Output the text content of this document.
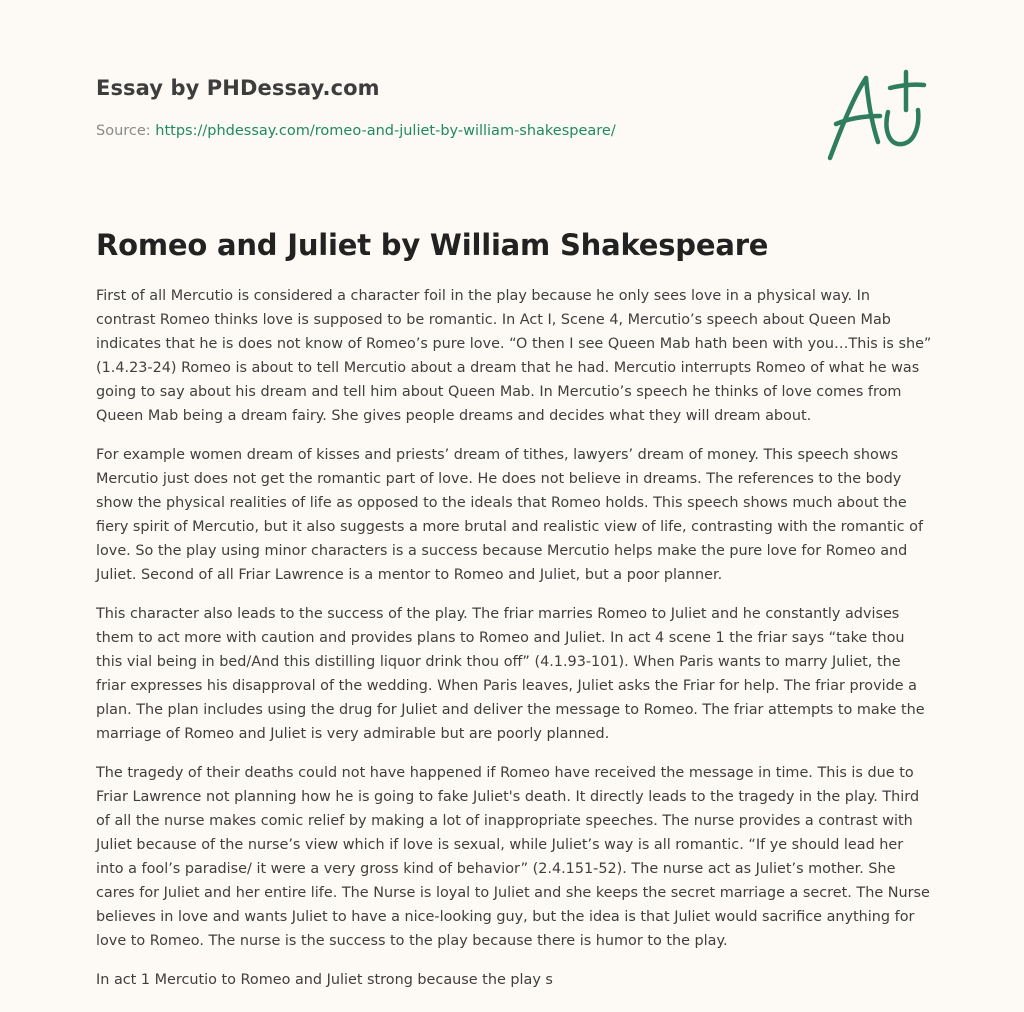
Essay by PHDessay.com
Source: https://phdessay.com/romeo-and-juliet-by-william-shakespeare/
Romeo and Juliet by William Shakespeare

First of all Mercutio is considered a character foil in the play because he only sees love in a physical way. In contrast Romeo thinks love is supposed to be romantic. In Act I, Scene 4, Mercutio’s speech about Queen Mab indicates that he is does not know of Romeo’s pure love. “O then I see Queen Mab hath been with you…This is she” (1.4.23-24) Romeo is about to tell Mercutio about a dream that he had. Mercutio interrupts Romeo of what he was going to say about his dream and tell him about Queen Mab. In Mercutio’s speech he thinks of love comes from Queen Mab being a dream fairy. She gives people dreams and decides what they will dream about.

For example women dream of kisses and priests’ dream of tithes, lawyers’ dream of money. This speech shows Mercutio just does not get the romantic part of love. He does not believe in dreams. The references to the body show the physical realities of life as opposed to the ideals that Romeo holds. This speech shows much about the fiery spirit of Mercutio, but it also suggests a more brutal and realistic view of life, contrasting with the romantic of love. So the play using minor characters is a success because Mercutio helps make the pure love for Romeo and Juliet. Second of all Friar Lawrence is a mentor to Romeo and Juliet, but a poor planner.

This character also leads to the success of the play. The friar marries Romeo to Juliet and he constantly advises them to act more with caution and provides plans to Romeo and Juliet. In act 4 scene 1 the friar says “take thou this vial being in bed/And this distilling liquor drink thou off” (4.1.93-101). When Paris wants to marry Juliet, the friar expresses his disapproval of the wedding. When Paris leaves, Juliet asks the Friar for help. The friar provide a plan. The plan includes using the drug for Juliet and deliver the message to Romeo. The friar attempts to make the marriage of Romeo and Juliet is very admirable but are poorly planned.

The tragedy of their deaths could not have happened if Romeo have received the message in time. This is due to Friar Lawrence not planning how he is going to fake Juliet's death. It directly leads to the tragedy in the play. Third of all the nurse makes comic relief by making a lot of inappropriate speeches. The nurse provides a contrast with Juliet because of the nurse’s view which if love is sexual, while Juliet’s way is all romantic. “If ye should lead her into a fool’s paradise/ it were a very gross kind of behavior” (2.4.151-52). The nurse act as Juliet’s mother. She cares for Juliet and her entire life. The Nurse is loyal to Juliet and she keeps the secret marriage a secret. The Nurse believes in love and wants Juliet to have a nice-looking guy, but the idea is that Juliet would sacrifice anything for love to Romeo. The nurse is the success to the play because there is humor to the play.

In act 1 Mercutio to Romeo and Juliet strong because the play s
